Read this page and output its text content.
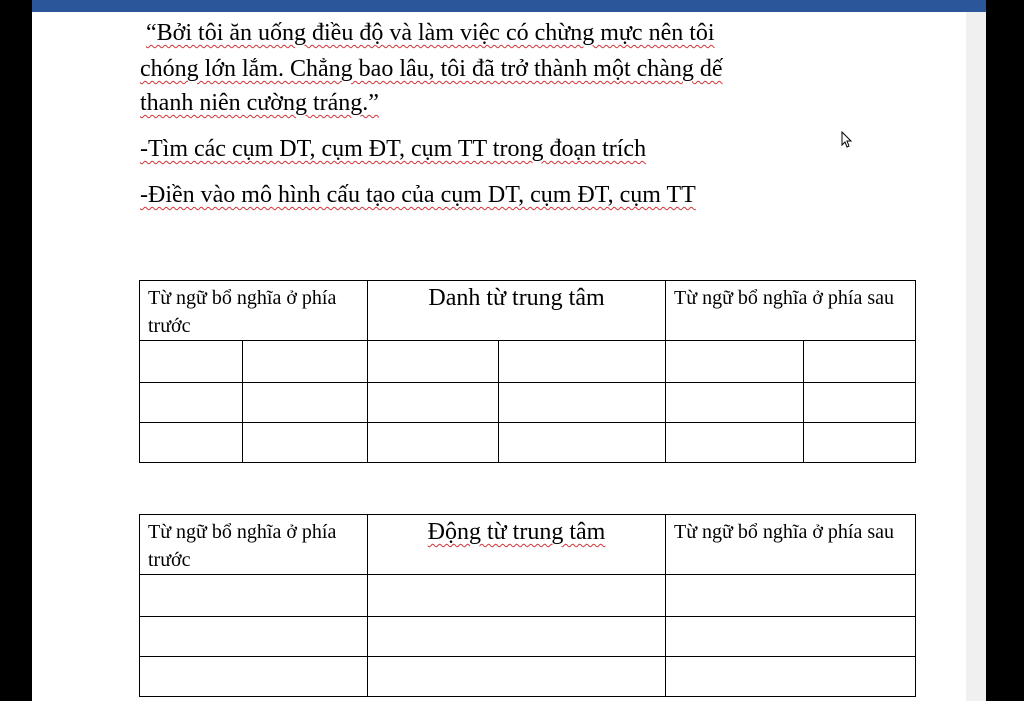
“Bởi tôi ăn uống điều độ và làm việc có chừng mực nên tôi
chóng lớn lắm. Chẳng bao lâu, tôi đã trở thành một chàng dế
thanh niên cường tráng.”
-Tìm các cụm DT, cụm ĐT, cụm TT trong đoạn trích
-Điền vào mô hình cấu tạo của cụm DT, cụm ĐT, cụm TT
Từ ngữ bổ nghĩa ở phía trước		Danh từ trung tâm		Từ ngữ bổ nghĩa ở phía sau	

Từ ngữ bổ nghĩa ở phía trước	Động từ trung tâm	Từ ngữ bổ nghĩa ở phía sau
